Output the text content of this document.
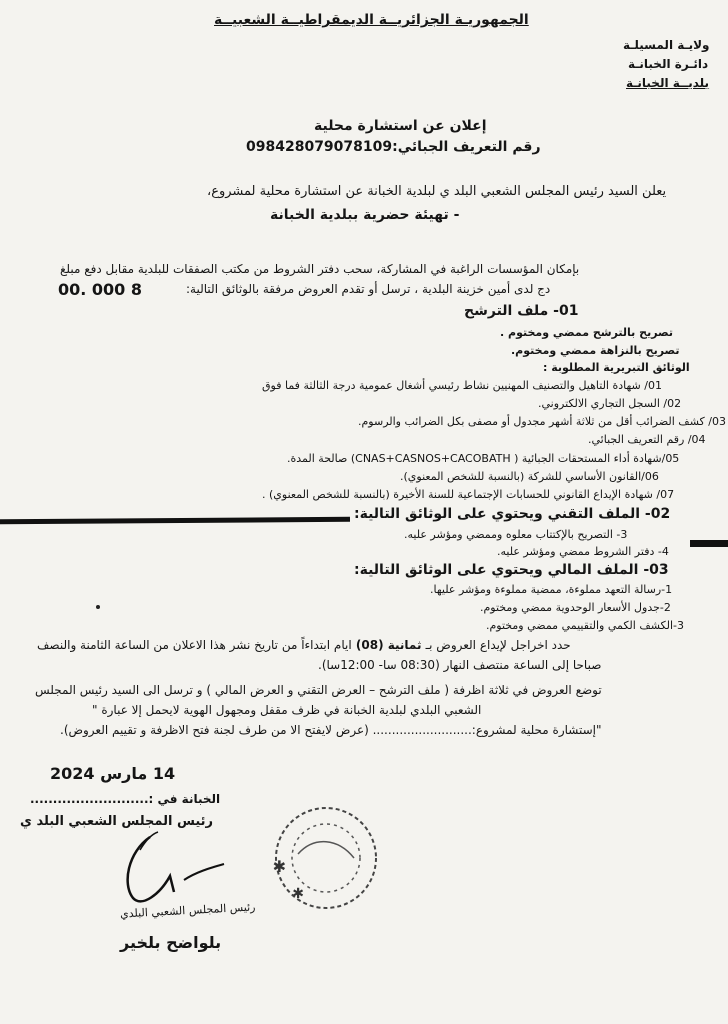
الجمهوريـة الجزائريــة الديمقراطيــة الشعبيــة
ولايـة المسيلـة
دائـرة الخبانـة
بلديــة الخبانـة
إعلان عن استشارة محلية
رقم التعريف الجبائي:098428079078109
يعلن السيد رئيس المجلس الشعبي البلد ي لبلدية الخبانة عن استشارة محلية لمشروع،
- تهيئة حضرية ببلدية الخبانة
بإمكان المؤسسات الراغبة في المشاركة، سحب دفتر الشروط من مكتب الصفقات للبلدية مقابل دفع مبلغ
00. 000 8	دج لدى أمين خزينة البلدية ، ترسل أو تقدم العروض مرفقة بالوثائق التالية:
01- ملف الترشح
تصريح بالترشح ممضي ومختوم .
تصريح بالنزاهة ممضي ومختوم.
الوثائق التبريرية المطلوبة :
01/ شهادة التاهيل والتصنيف المهنيين نشاط رئيسي أشغال عمومية درجة الثالثة فما فوق
02/ السجل التجاري الالكتروني.
03/ كشف الضرائب أقل من ثلاثة أشهر مجدول أو مصفى بكل الضرائب والرسوم.
04/ رقم التعريف الجبائي.
05/شهادة أداء المستحقات الجبائية ( CNAS+CASNOS+CACOBATH) صالحة المدة.
06/القانون الأساسي للشركة (بالنسبة للشخص المعنوي).
07/ شهادة الإيداع القانوني للحسابات الإجتماعية للسنة الأخيرة (بالنسبة للشخص المعنوي) .
02- الملف التقني ويحتوي على الوثائق التالية:
3- التصريح بالإكتتاب معلوه وممضي ومؤشر عليه.
4- دفتر الشروط ممضي ومؤشر عليه.
03- الملف المالي ويحتوي على الوثائق التالية:
1-رسالة التعهد مملوءة، ممضية مملوءة ومؤشر عليها.
2-جدول الأسعار الوحدوية ممضي ومختوم.
3-الكشف الكمي والتقييمي ممضي ومختوم.
حدد اخراجل لإيداع العروض بـ ثمانية (08) ايام ابتداءاً من تاريخ نشر هذا الاعلان من الساعة الثامنة والنصف
صباحا إلى الساعة منتصف النهار (08:30 سا- 12:00سا).
توضع العروض في ثلاثة اظرفة ( ملف الترشح – العرض التقني و العرض المالي ) و ترسل الى السيد رئيس المجلس
الشعبي البلدي لبلدية الخبانة في ظرف مقفل ومجهول الهوية لايحمل إلا عبارة "
"إستشارة محلية لمشروع:.......................... (عرض لايفتح الا من طرف لجنة فتح الاظرفة و تقييم العروض).
14 مارس 2024
الخبانة في :..........................
رئيس المجلس الشعبي البلد ي
✱
✱
رئيس المجلس الشعبي البلدي
بلواضح بلخير
